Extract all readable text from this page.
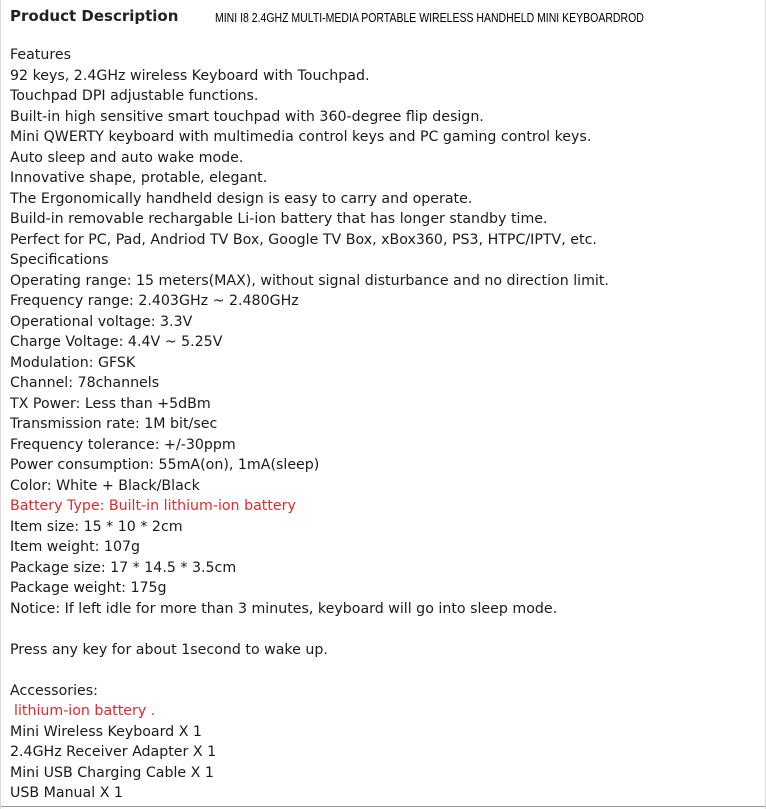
Product Description	MINI I8 2.4GHZ MULTI-MEDIA PORTABLE WIRELESS HANDHELD MINI KEYBOARDROD
Features
92 keys, 2.4GHz wireless Keyboard with Touchpad.
Touchpad DPI adjustable functions.
Built-in high sensitive smart touchpad with 360-degree flip design.
Mini QWERTY keyboard with multimedia control keys and PC gaming control keys.
Auto sleep and auto wake mode.
Innovative shape, protable, elegant.
The Ergonomically handheld design is easy to carry and operate.
Build-in removable rechargable Li-ion battery that has longer standby time.
Perfect for PC, Pad, Andriod TV Box, Google TV Box, xBox360, PS3, HTPC/IPTV, etc.
Specifications
Operating range: 15 meters(MAX), without signal disturbance and no direction limit.
Frequency range: 2.403GHz ~ 2.480GHz
Operational voltage: 3.3V
Charge Voltage: 4.4V ~ 5.25V
Modulation: GFSK
Channel: 78channels
TX Power: Less than +5dBm
Transmission rate: 1M bit/sec
Frequency tolerance: +/-30ppm
Power consumption: 55mA(on), 1mA(sleep)
Color: White + Black/Black
Battery Type: Built-in lithium-ion battery
Item size: 15 * 10 * 2cm
Item weight: 107g
Package size: 17 * 14.5 * 3.5cm
Package weight: 175g
Notice: If left idle for more than 3 minutes, keyboard will go into sleep mode.
Press any key for about 1second to wake up.
Accessories:
lithium-ion battery .
Mini Wireless Keyboard X 1
2.4GHz Receiver Adapter X 1
Mini USB Charging Cable X 1
USB Manual X 1
